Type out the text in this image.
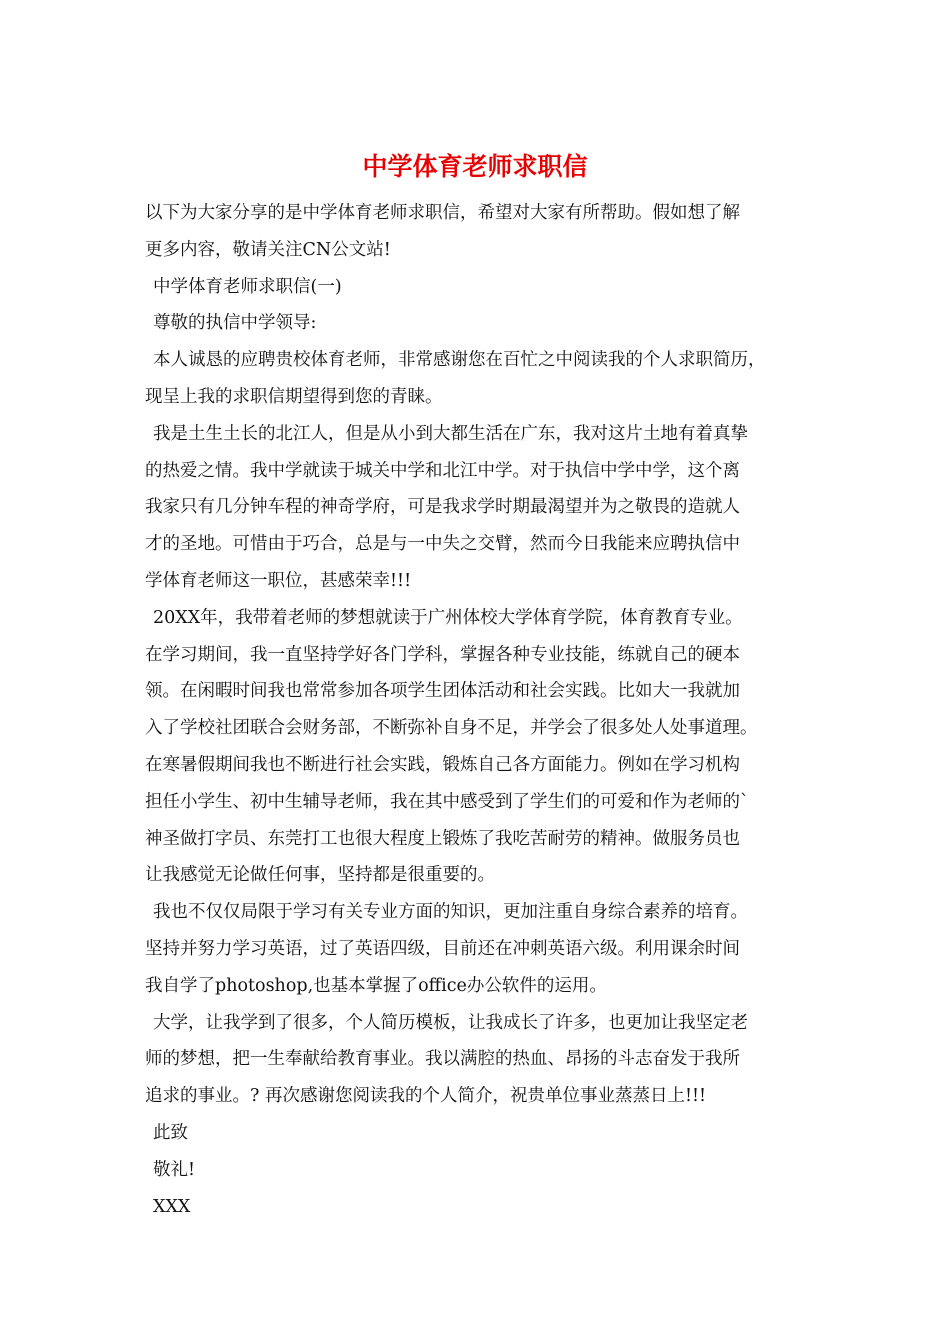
中学体育老师求职信
以下为大家分享的是中学体育老师求职信，希望对大家有所帮助。假如想了解
更多内容，敬请关注CN公文站!
中学体育老师求职信(一)
尊敬的执信中学领导:
本人诚恳的应聘贵校体育老师，非常感谢您在百忙之中阅读我的个人求职简历，
现呈上我的求职信期望得到您的青睐。
我是土生土长的北江人，但是从小到大都生活在广东，我对这片土地有着真挚
的热爱之情。我中学就读于城关中学和北江中学。对于执信中学中学，这个离
我家只有几分钟车程的神奇学府，可是我求学时期最渴望并为之敬畏的造就人
才的圣地。可惜由于巧合，总是与一中失之交臂，然而今日我能来应聘执信中
学体育老师这一职位，甚感荣幸!!!
20XX年，我带着老师的梦想就读于广州体校大学体育学院，体育教育专业。
在学习期间，我一直坚持学好各门学科，掌握各种专业技能，练就自己的硬本
领。在闲暇时间我也常常参加各项学生团体活动和社会实践。比如大一我就加
入了学校社团联合会财务部，不断弥补自身不足，并学会了很多处人处事道理。
在寒暑假期间我也不断进行社会实践，锻炼自己各方面能力。例如在学习机构
担任小学生、初中生辅导老师，我在其中感受到了学生们的可爱和作为老师的`
神圣做打字员、东莞打工也很大程度上锻炼了我吃苦耐劳的精神。做服务员也
让我感觉无论做任何事，坚持都是很重要的。
我也不仅仅局限于学习有关专业方面的知识，更加注重自身综合素养的培育。
坚持并努力学习英语，过了英语四级，目前还在冲刺英语六级。利用课余时间
我自学了photoshop,也基本掌握了office办公软件的运用。
大学，让我学到了很多，个人简历模板，让我成长了许多，也更加让我坚定老
师的梦想，把一生奉献给教育事业。我以满腔的热血、昂扬的斗志奋发于我所
追求的事业。? 再次感谢您阅读我的个人简介，祝贵单位事业蒸蒸日上!!!
此致
敬礼!
XXX
